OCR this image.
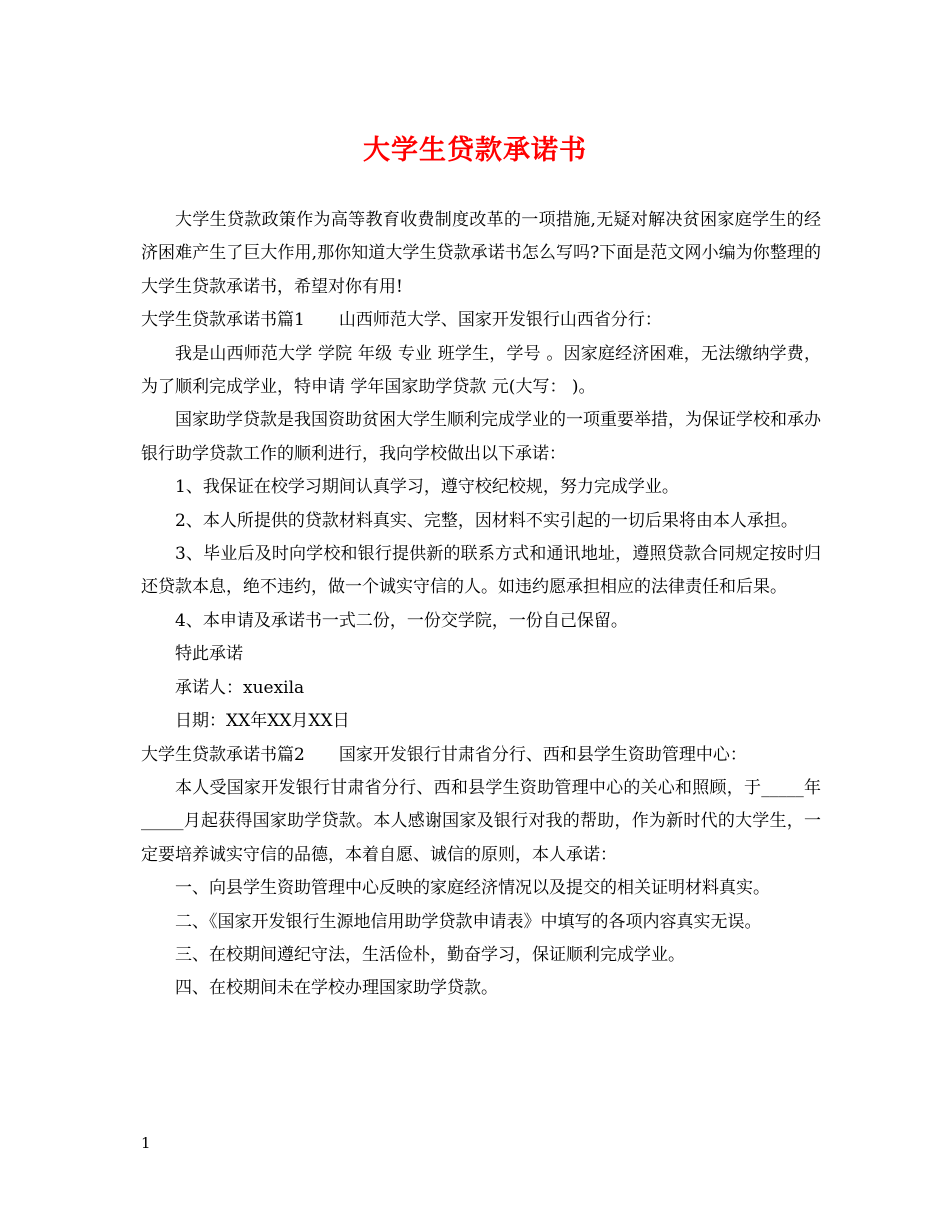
大学生贷款承诺书

大学生贷款政策作为高等教育收费制度改革的一项措施,无疑对解决贫困家庭学生的经济困难产生了巨大作用,那你知道大学生贷款承诺书怎么写吗?下面是范文网小编为你整理的大学生贷款承诺书，希望对你有用!

大学生贷款承诺书篇1　　山西师范大学、国家开发银行山西省分行：

我是山西师范大学 学院 年级 专业 班学生，学号 。因家庭经济困难，无法缴纳学费，为了顺利完成学业，特申请 学年国家助学贷款 元(大写： )。

国家助学贷款是我国资助贫困大学生顺利完成学业的一项重要举措，为保证学校和承办银行助学贷款工作的顺利进行，我向学校做出以下承诺：

1、我保证在校学习期间认真学习，遵守校纪校规，努力完成学业。

2、本人所提供的贷款材料真实、完整，因材料不实引起的一切后果将由本人承担。

3、毕业后及时向学校和银行提供新的联系方式和通讯地址，遵照贷款合同规定按时归还贷款本息，绝不违约，做一个诚实守信的人。如违约愿承担相应的法律责任和后果。

4、本申请及承诺书一式二份，一份交学院，一份自己保留。

特此承诺

承诺人：xuexila

日期：XX年XX月XX日

大学生贷款承诺书篇2　　国家开发银行甘肃省分行、西和县学生资助管理中心：

本人受国家开发银行甘肃省分行、西和县学生资助管理中心的关心和照顾，于_____年_____月起获得国家助学贷款。本人感谢国家及银行对我的帮助，作为新时代的大学生，一定要培养诚实守信的品德，本着自愿、诚信的原则，本人承诺：

一、向县学生资助管理中心反映的家庭经济情况以及提交的相关证明材料真实。

二、《国家开发银行生源地信用助学贷款申请表》中填写的各项内容真实无误。

三、在校期间遵纪守法，生活俭朴，勤奋学习，保证顺利完成学业。

四、在校期间未在学校办理国家助学贷款。

1
